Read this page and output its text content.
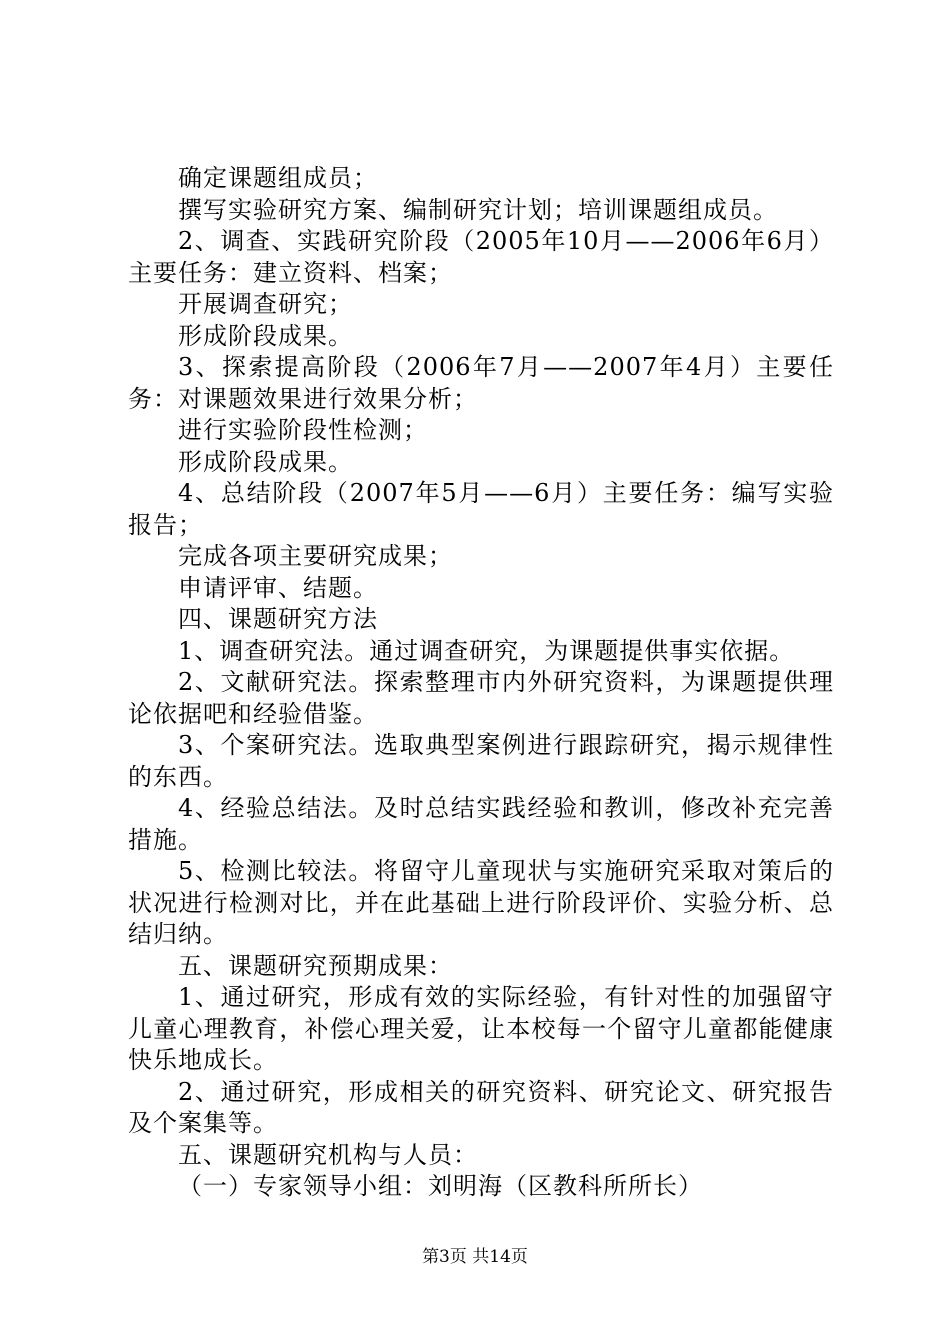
确定课题组成员；

撰写实验研究方案、编制研究计划；培训课题组成员。

2、调查、实践研究阶段（2005年10月——2006年6月）主要任务：建立资料、档案；

开展调查研究；

形成阶段成果。

3、探索提高阶段（2006年7月——2007年4月）主要任务：对课题效果进行效果分析；

进行实验阶段性检测；

形成阶段成果。

4、总结阶段（2007年5月——6月）主要任务：编写实验报告；

完成各项主要研究成果；

申请评审、结题。

四、课题研究方法

1、调查研究法。通过调查研究，为课题提供事实依据。

2、文献研究法。探索整理市内外研究资料，为课题提供理论依据吧和经验借鉴。

3、个案研究法。选取典型案例进行跟踪研究，揭示规律性的东西。

4、经验总结法。及时总结实践经验和教训，修改补充完善措施。

5、检测比较法。将留守儿童现状与实施研究采取对策后的状况进行检测对比，并在此基础上进行阶段评价、实验分析、总结归纳。

五、课题研究预期成果：

1、通过研究，形成有效的实际经验，有针对性的加强留守儿童心理教育，补偿心理关爱，让本校每一个留守儿童都能健康快乐地成长。

2、通过研究，形成相关的研究资料、研究论文、研究报告及个案集等。

五、课题研究机构与人员：

（一）专家领导小组：刘明海（区教科所所长）

第3页 共14页
